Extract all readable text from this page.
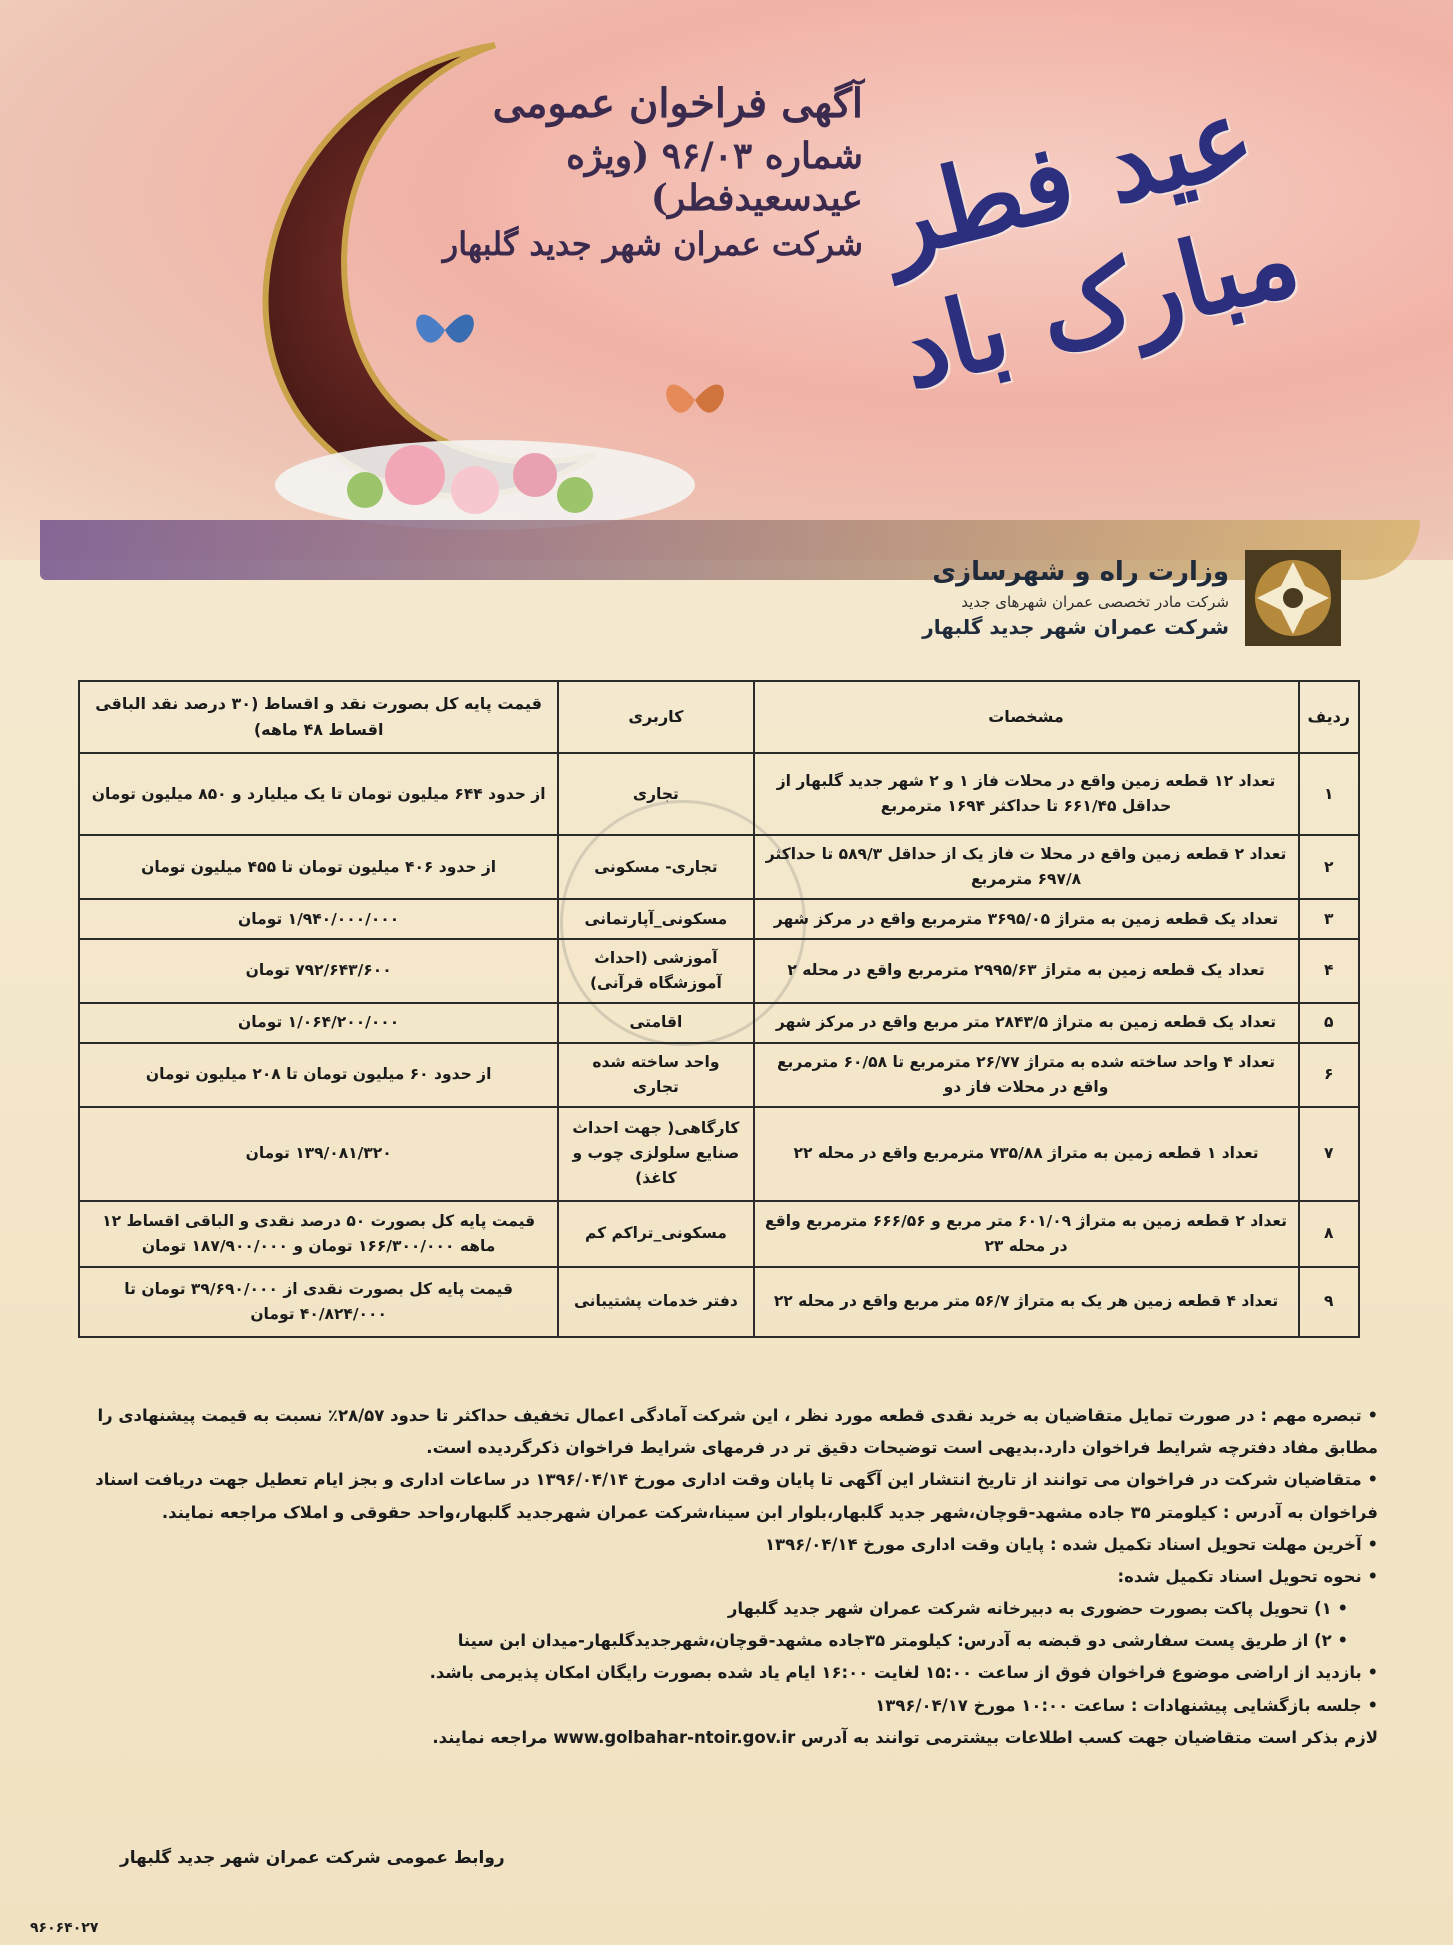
آگهی فراخوان عمومی

شماره ۹۶/۰۳ (ویژه عیدسعیدفطر)

شرکت عمران شهر جدید گلبهار عید فطر مبارک باد
وزارت راه و شهرسازی
شرکت مادر تخصصی عمران شهرهای جدید
شرکت عمران شهر جدید گلبهار
ردیف	مشخصات	کاربری	قیمت پایه کل بصورت نقد و اقساط (۳۰ درصد نقد الباقی اقساط ۴۸ ماهه)
۱	تعداد ۱۲ قطعه زمین واقع در محلات فاز ۱ و ۲ شهر جدید گلبهار از حداقل ۶۶۱/۴۵ تا حداکثر ۱۶۹۴ مترمربع	تجاری	از حدود ۶۴۴ میلیون تومان تا یک میلیارد و ۸۵۰ میلیون تومان
۲	تعداد ۲ قطعه زمین واقع در محلا ت فاز یک از حداقل ۵۸۹/۳ تا حداکثر ۶۹۷/۸ مترمربع	تجاری- مسکونی	از حدود ۴۰۶ میلیون تومان تا ۴۵۵ میلیون تومان
۳	تعداد یک قطعه زمین به متراژ ۳۶۹۵/۰۵ مترمربع واقع در مرکز شهر	مسکونی_آپارتمانی	۱/۹۴۰/۰۰۰/۰۰۰ تومان
۴	تعداد یک قطعه زمین به متراژ ۲۹۹۵/۶۳ مترمربع واقع در محله ۲	آموزشی (احداث آموزشگاه قرآنی)	۷۹۲/۶۴۳/۶۰۰ تومان
۵	تعداد یک قطعه زمین به متراژ ۲۸۴۳/۵ متر مربع واقع در مرکز شهر	اقامتی	۱/۰۶۴/۲۰۰/۰۰۰ تومان
۶	تعداد ۴ واحد ساخته شده به متراژ ۲۶/۷۷ مترمربع تا ۶۰/۵۸ مترمربع واقع در محلات فاز دو	واحد ساخته شده تجاری	از حدود ۶۰ میلیون تومان تا ۲۰۸ میلیون تومان
۷	تعداد ۱ قطعه زمین به متراژ ۷۳۵/۸۸ مترمربع واقع در محله ۲۲	کارگاهی( جهت احداث صنایع سلولزی چوب و کاغذ)	۱۳۹/۰۸۱/۳۲۰ تومان
۸	تعداد ۲ قطعه زمین به متراژ ۶۰۱/۰۹ متر مربع و ۶۶۶/۵۶ مترمربع واقع در محله ۲۳	مسکونی_تراکم کم	قیمت پایه کل بصورت ۵۰ درصد نقدی و الباقی اقساط ۱۲ ماهه ۱۶۶/۳۰۰/۰۰۰ تومان و ۱۸۷/۹۰۰/۰۰۰ تومان
۹	تعداد ۴ قطعه زمین هر یک به متراژ ۵۶/۷ متر مربع واقع در محله ۲۲	دفتر خدمات پشتیبانی	قیمت پایه کل بصورت نقدی از ۳۹/۶۹۰/۰۰۰ تومان تا ۴۰/۸۲۴/۰۰۰ تومان

• تبصره مهم : در صورت تمایل متقاضیان به خرید نقدی قطعه مورد نظر ، این شرکت آمادگی اعمال تخفیف حداکثر تا حدود ۲۸/۵۷٪ نسبت به قیمت پیشنهادی را مطابق مفاد دفترچه شرایط فراخوان دارد.بدیهی است توضیحات دقیق تر در فرمهای شرایط فراخوان ذکرگردیده است.

• متقاضیان شرکت در فراخوان می توانند از تاریخ انتشار این آگهی تا پایان وقت اداری مورخ ۱۳۹۶/۰۴/۱۴ در ساعات اداری و بجز ایام تعطیل جهت دریافت اسناد فراخوان به آدرس : کیلومتر ۳۵ جاده مشهد-قوچان،شهر جدید گلبهار،بلوار ابن سینا،شرکت عمران شهرجدید گلبهار،واحد حقوقی و املاک مراجعه نمایند.

• آخرین مهلت تحویل اسناد تکمیل شده : پایان وقت اداری مورخ ۱۳۹۶/۰۴/۱۴

• نحوه تحویل اسناد تکمیل شده:

• ۱) تحویل پاکت بصورت حضوری به دبیرخانه شرکت عمران شهر جدید گلبهار

• ۲) از طریق پست سفارشی دو قبضه به آدرس: کیلومتر ۳۵جاده مشهد-قوچان،شهرجدیدگلبهار-میدان ابن سینا

• بازدید از اراضی موضوع فراخوان فوق از ساعت ۱۵:۰۰ لغایت ۱۶:۰۰ ایام یاد شده بصورت رایگان امکان پذیرمی باشد.

• جلسه بازگشایی پیشنهادات : ساعت ۱۰:۰۰ مورخ ۱۳۹۶/۰۴/۱۷

لازم بذکر است متقاضیان جهت کسب اطلاعات بیشترمی توانند به آدرس www.golbahar-ntoir.gov.ir مراجعه نمایند.

روابط عمومی شرکت عمران شهر جدید گلبهار
۹۶۰۶۴۰۲۷
